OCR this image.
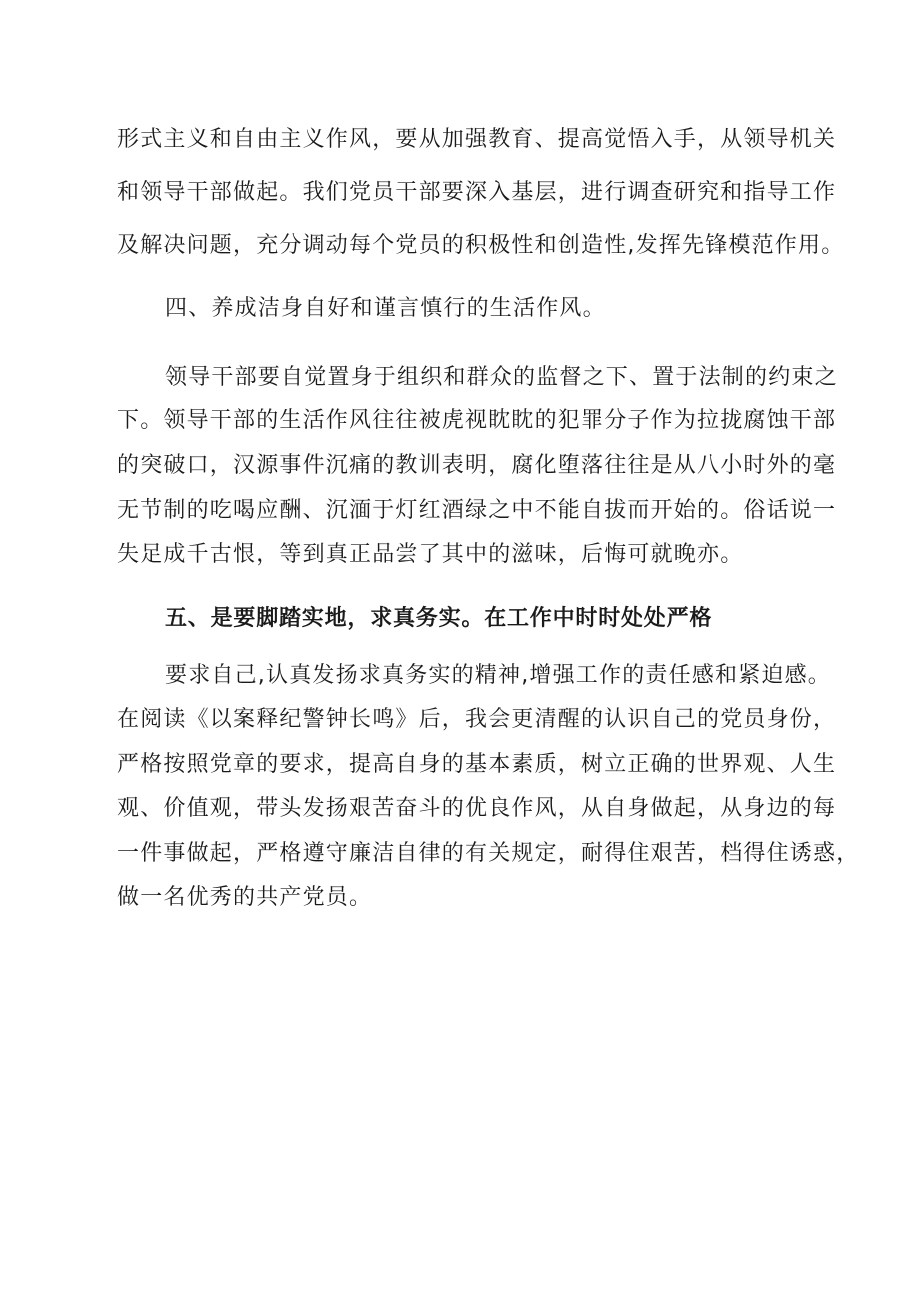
形式主义和自由主义作风，要从加强教育、提高觉悟入手，从领导机关
和领导干部做起。我们党员干部要深入基层，进行调查研究和指导工作
及解决问题，充分调动每个党员的积极性和创造性,发挥先锋模范作用。
四、养成洁身自好和谨言慎行的生活作风。
领导干部要自觉置身于组织和群众的监督之下、置于法制的约束之
下。领导干部的生活作风往往被虎视眈眈的犯罪分子作为拉拢腐蚀干部
的突破口，汉源事件沉痛的教训表明，腐化堕落往往是从八小时外的毫
无节制的吃喝应酬、沉湎于灯红酒绿之中不能自拔而开始的。俗话说一
失足成千古恨，等到真正品尝了其中的滋味，后悔可就晚亦。
五、是要脚踏实地，求真务实。在工作中时时处处严格
要求自己,认真发扬求真务实的精神,增强工作的责任感和紧迫感。
在阅读《以案释纪警钟长鸣》后，我会更清醒的认识自己的党员身份，
严格按照党章的要求，提高自身的基本素质，树立正确的世界观、人生
观、价值观，带头发扬艰苦奋斗的优良作风，从自身做起，从身边的每
一件事做起，严格遵守廉洁自律的有关规定，耐得住艰苦，档得住诱惑，
做一名优秀的共产党员。
